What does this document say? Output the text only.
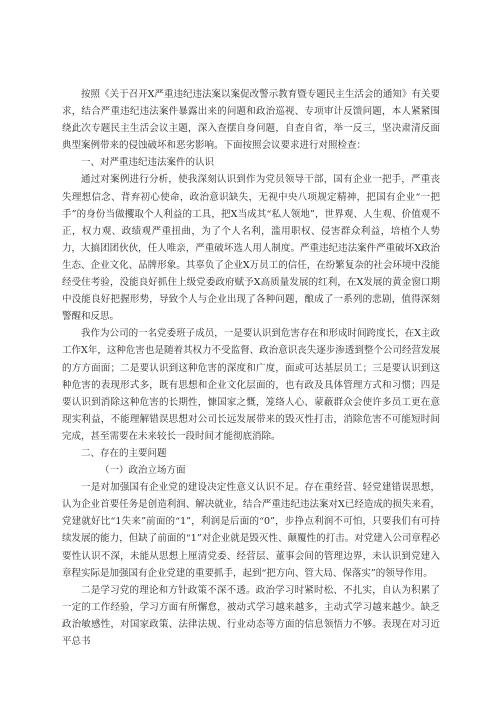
按照《关于召开X严重违纪违法案以案促改警示教育暨专题民主生活会的通知》有关要求，结合严重违纪违法案件暴露出来的问题和政治巡视、专项审计反馈问题，本人紧紧围绕此次专题民主生活会议主题，深入查摆自身问题，自查自省，举一反三，坚决肃清反面典型案例带来的侵蚀破坏和恶劣影响。下面按照会议要求进行对照检查：

一、对严重违纪违法案件的认识

通过对案例进行分析，使我深刻认识到作为党员领导干部，国有企业一把手，严重丧失理想信念、背弃初心使命，政治意识缺失，无视中央八项规定精神，把国有企业“一把手”的身份当做攫取个人利益的工具，把X当成其“私人领地”，世界观、人生观、价值观不正，权力观、政绩观严重扭曲，为了个人名利，滥用职权、侵害群众利益，培植个人势力，大搞团团伙伙，任人唯亲，严重破坏选人用人制度。严重违纪违法案件严重破坏X政治生态、企业文化、品牌形象。其辜负了企业X万员工的信任，在纷繁复杂的社会环境中没能经受住考验，没能良好抓住上级党委政府赋予X高质量发展的红利，在X发展的黄金窗口期中没能良好把握形势，导致个人与企业出现了各种问题，酿成了一系列的悲剧，值得深刻警醒和反思。

我作为公司的一名党委班子成员，一是要认识到危害存在和形成时间跨度长，在X主政工作X年，这种危害也是随着其权力不受监督、政治意识丧失逐步渗透到整个公司经营发展的方方面面；二是要认识到这种危害的深度和广度，面或可达基层员工；三是要认识到这种危害的表现形式多，既有思想和企业文化层面的，也有政及具体管理方式和习惯；四是要认识到消除这种危害的长期性，慷国家之慨，笼络人心、蒙蔽群众会使许多员工更在意现实利益，不能理解错误思想对公司长远发展带来的毁灭性打击，消除危害不可能短时间完成，甚至需要在未来较长一段时间才能彻底消除。

二、存在的主要问题

（一）政治立场方面

一是对加强国有企业党的建设决定性意义认识不足。存在重经营、轻党建错误思想，认为企业首要任务是创造利润、解决就业，结合严重违纪违法案对X已经造成的损失来看，党建就好比“1失来”前面的“1”，利润是后面的“0”，步挣点利润不可怕，只要我们有可持续发展的能力，但缺了前面的“1”对企业就是毁灭性、颠覆性的打击。对党建入公司章程必要性认识不深，未能从思想上厘清党委、经营层、董事会间的管理边界，未认识到党建入章程实际是加强国有企业党建的重要抓手，起到“把方向、管大局、保落实”的领导作用。

二是学习党的理论和方针政策不深不透。政治学习时紧时松、不扎实，自认为积累了一定的工作经验，学习方面有所懈怠，被动式学习越来越多，主动式学习越来越少。缺乏政治敏感性，对国家政策、法律法规、行业动态等方面的信息领悟力不够。表现在对习近平总书
